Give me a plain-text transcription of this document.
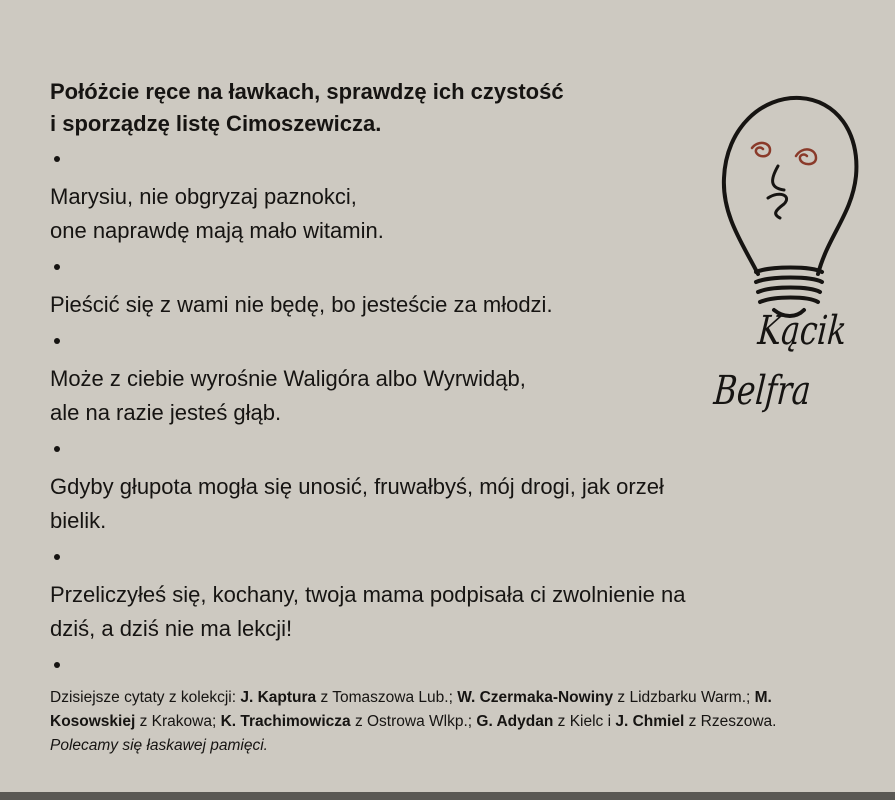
Połóżcie ręce na ławkach, sprawdzę ich czystość
i sporządzę listę Cimoszewicza.

Marysiu, nie obgryzaj paznokci,
one naprawdę mają mało witamin.

Pieścić się z wami nie będę, bo jesteście za młodzi.

Może z ciebie wyrośnie Waligóra albo Wyrwidąb,
ale na razie jesteś głąb.

Gdyby głupota mogła się unosić, fruwałbyś, mój drogi, jak orzeł
bielik.

Przeliczyłeś się, kochany, twoja mama podpisała ci zwolnienie na
dziś, a dziś nie ma lekcji!

Dzisiejsze cytaty z kolekcji: J. Kaptura z Tomaszowa Lub.; W. Czermaka-Nowiny z Lidzbarku Warm.; M. Kosowskiej z Krakowa; K. Trachimowicza z Ostrowa Wlkp.; G. Adydan z Kielc i J. Chmiel z Rzeszowa. Polecamy się łaskawej pamięci.

Kącik
Belfra
